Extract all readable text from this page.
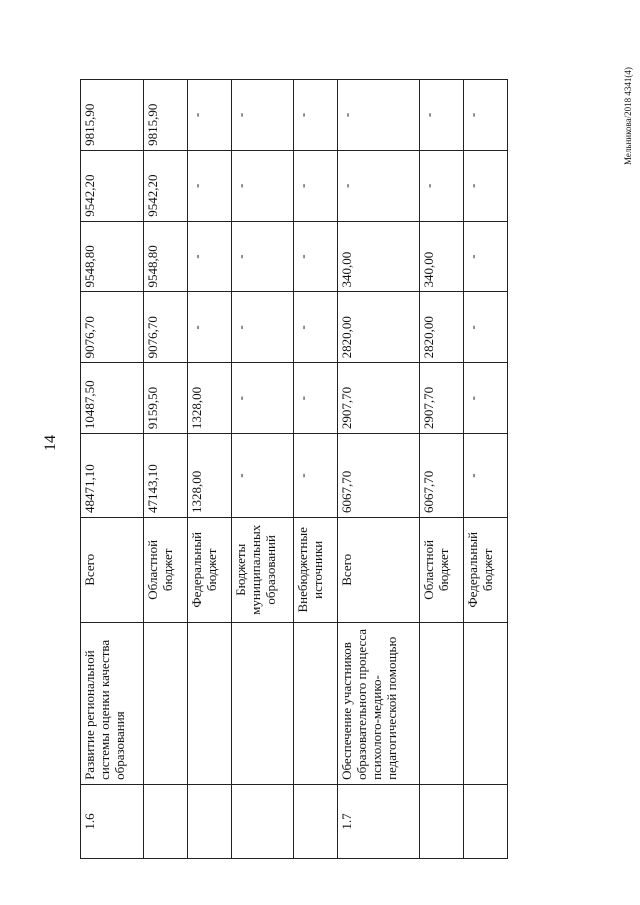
14
Мельникова/2018 4341(4)
1.6	Развитие региональной системы оценки качества образования	Всего	48471,10	10487,50	9076,70	9548,80	9542,20	9815,90
		Областной бюджет	47143,10	9159,50	9076,70	9548,80	9542,20	9815,90
		Федеральный бюджет	1328,00	1328,00	-	-	-	-
		Бюджеты муниципальных образований	-	-	-	-	-	-
		Внебюджетные источники	-	-	-	-	-	-
1.7	Обеспечение участников образовательного процесса психолого-медико-педагогической помощью	Всего	6067,70	2907,70	2820,00	340,00	-	-
		Областной бюджет	6067,70	2907,70	2820,00	340,00	-	-
		Федеральный бюджет	-	-	-	-	-	-
